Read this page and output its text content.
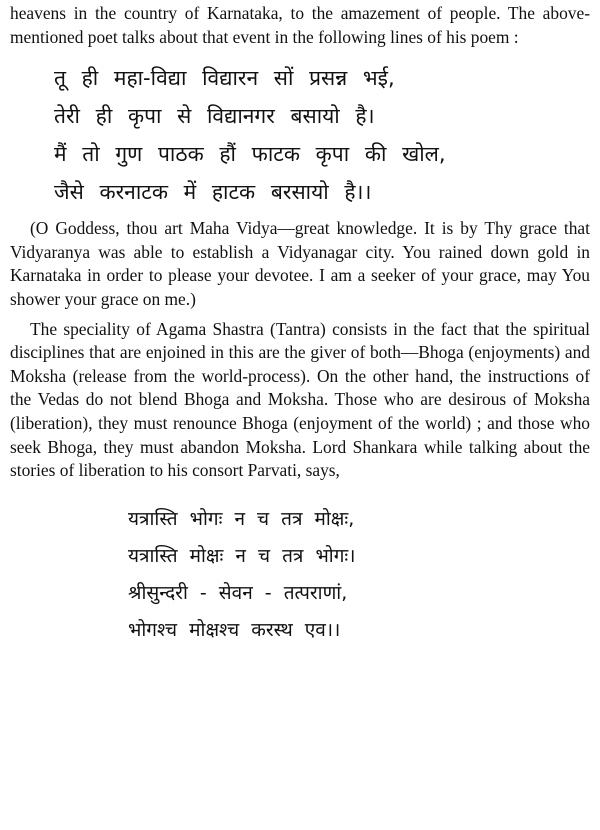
heavens in the country of Karnataka, to the amazement of people. The above-mentioned poet talks about that event in the following lines of his poem :

तू ही महा-विद्या विद्यारन सों प्रसन्न भई,
तेरी ही कृपा से विद्यानगर बसायो है।
मैं तो गुण पाठक हौं फाटक कृपा की खोल,
जैसे करनाटक में हाटक बरसायो है।।

(O Goddess, thou art Maha Vidya—great knowledge. It is by Thy grace that Vidyaranya was able to establish a Vidyanagar city. You rained down gold in Karnataka in order to please your devotee. I am a seeker of your grace, may You shower your grace on me.)

The speciality of Agama Shastra (Tantra) consists in the fact that the spiritual disciplines that are enjoined in this are the giver of both—Bhoga (enjoyments) and Moksha (release from the world-process). On the other hand, the instructions of the Vedas do not blend Bhoga and Moksha. Those who are desirous of Moksha (liberation), they must renounce Bhoga (enjoyment of the world) ; and those who seek Bhoga, they must abandon Moksha. Lord Shankara while talking about the stories of liberation to his consort Parvati, says,

यत्रास्ति भोगः न च तत्र मोक्षः,
यत्रास्ति मोक्षः न च तत्र भोगः।
श्रीसुन्दरी - सेवन - तत्पराणां,
भोगश्च मोक्षश्च करस्थ एव।।
